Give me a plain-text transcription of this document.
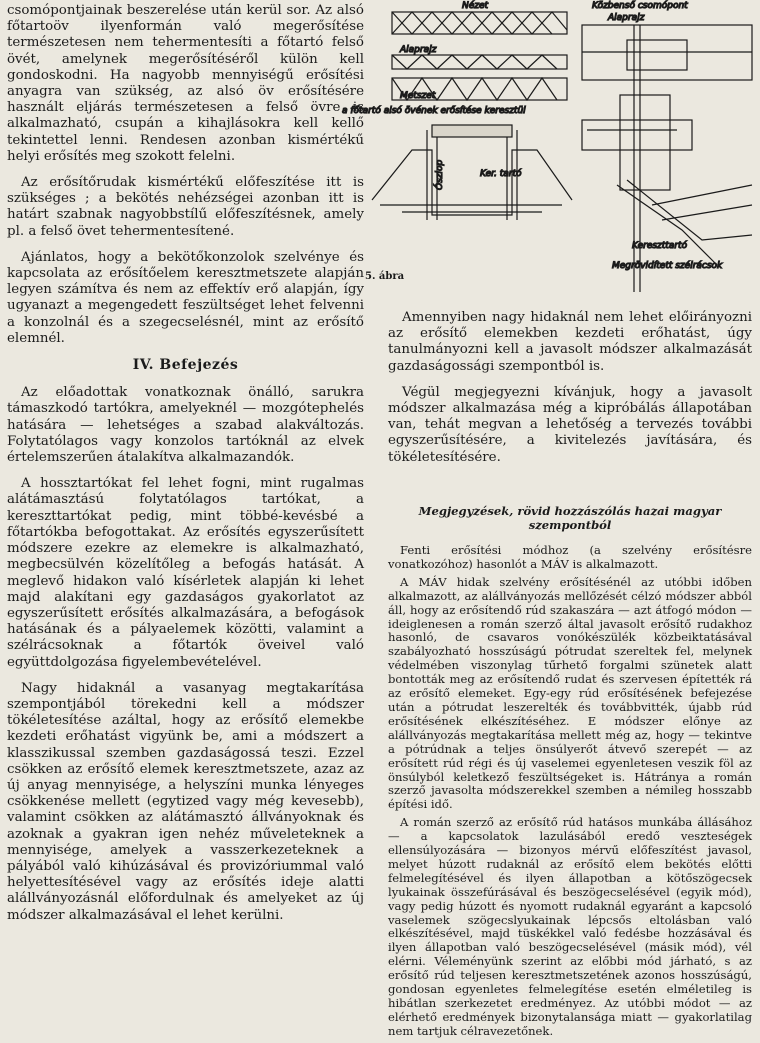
csomópontjainak beszerelése után kerül sor. Az alsó főtartoöv ilyenformán való megerősítése természetesen nem tehermentesíti a főtartó felső övét, amelynek megerősítéséről külön kell gondoskodni. Ha nagyobb mennyiségű erősítési anyagra van szükség, az alsó öv erősítésére használt eljárás természetesen a felső övre is alkalmazható, csupán a kihajlásokra kell kellő tekintettel lenni. Rendesen azonban kismértékű helyi erősítés meg szokott felelni.

Az erősítőrudak kismértékű előfeszítése itt is szükséges ; a bekötés nehézségei azonban itt is határt szabnak nagyobbstílű előfeszítésnek, amely pl. a felső övet tehermentesítené.

Ajánlatos, hogy a bekötőkonzolok szelvénye és kapcsolata az erősítőelem keresztmetszete alapján legyen számítva és nem az effektív erő alapján, így ugyanazt a megengedett feszültséget lehet felvenni a konzolnál és a szegecselésnél, mint az erősítő elemnél.

IV. Befejezés

Az előadottak vonatkoznak önálló, sarukra támaszkodó tartókra, amelyeknél — mozgótерhelés hatására — lehetséges a szabad alakváltozás. Folytatólagos vagy konzolos tartóknál az elvek értelemszerűen átalakítva alkalmazandók.

A hossztartókat fel lehet fogni, mint rugalmas alátámasztású folytatólagos tartókat, a kereszttartókat pedig, mint többé-kevésbé a főtartókba befogottakat. Az erősítés egyszerűsített módszere ezekre az elemekre is alkalmazható, megbecsülvén közelítőleg a befogás hatását. A meglevő hidakon való kísérletek alapján ki lehet majd alakítani egy gazdaságos gyakorlatot az egyszerűsített erősítés alkalmazására, a befogások hatásának és a pályaelemek közötti, valamint a szélrácsoknak a főtartók öveivel való együttdolgozása figyelembevételével.

Nagy hidaknál a vasanyag megtakarítása szempontjából törekedni kell a módszer tökéletesítése azáltal, hogy az erősítő elemekbe kezdeti erőhatást vigyünk be, ami a módszert a klasszikussal szemben gazdaságossá teszi. Ezzel csökken az erősítő elemek keresztmetszete, azaz az új anyag mennyisége, a helyszíni munka lényeges csökkenése mellett (egytized vagy még kevesebb), valamint csökken az alátámasztó állványoknak és azoknak a gyakran igen nehéz műveleteknek a mennyisége, amelyek a vasszerkezeteknek a pályából való kihúzásával és provizóriummal való helyettesítésével vagy az erősítés ideje alatti alállványozásnál előfordulnak és amelyeket az új módszer alkalmazásával el lehet kerülni.

Nézet
Alaprajz
Metszet
a főtartó alsó övének erősítése keresztül
Ószlop	Ker. tartó
Közbenső csomópont
Alaprajz
Kereszttartó
Megrövidített szélrácsok
5. ábra

Amennyiben nagy hidaknál nem lehet előirányozni az erősítő elemekben kezdeti erőhatást, úgy tanulmányozni kell a javasolt módszer alkalmazását gazdaságossági szempontból is.

Végül megjegyezni kívánjuk, hogy a javasolt módszer alkalmazása még a kipróbálás állapotában van, tehát megvan a lehetőség a tervezés további egyszerűsítésére, a kivitelezés javítására, és tökéletesítésére.

Megjegyzések, rövid hozzászólás hazai magyar szempontból

Fenti erősítési módhoz (a szelvény erősítésre vonatkozóhoz) hasonlót a MÁV is alkalmazott.

A MÁV hidak szelvény erősítésénél az utóbbi időben alkalmazott, az alállványozás mellőzését célzó módszer abból áll, hogy az erősítendő rúd szakaszára — azt átfogó módon — ideiglenesen a román szerző által javasolt erősítő rudakhoz hasonló, de csavaros vonókészülék közbeiktatásával szabályozható hosszúságú pótrudat szereltek fel, melynek védelmében viszonylag tűrhető forgalmi szünetek alatt bontották meg az erősítendő rudat és szervesen építették rá az erősítő elemeket. Egy-egy rúd erősítésének befejezése után a pótrudat leszerelték és továbbvitték, újabb rúd erősítésének elkészítéséhez. E módszer előnye az alállványozás megtakarítása mellett még az, hogy — tekintve a pótrúdnak a teljes önsúlyerőt átvevő szerepét — az erősített rúd régi és új vaselemei egyenletesen veszik föl az önsúlyból keletkező feszültségeket is. Hátránya a román szerző javasolta módszerekkel szemben a némileg hosszabb építési idő.

A román szerző az erősítő rúd hatásos munkába állásához — a kapcsolatok lazulásából eredő veszteségek ellensúlyozására — bizonyos mérvű előfeszítést javasol, melyet húzott rudaknál az erősítő elem bekötés előtti felmelegítésével és ilyen állapotban a kötőszögecsek lyukainak összefúrásával és beszögecselésével (egyik mód), vagy pedig húzott és nyomott rudaknál egyaránt a kapcsoló vaselemek szögecslyukainak lépcsős eltolásban való elkészítésével, majd tüskékkel való fedésbe hozzásával és ilyen állapotban való beszögecselésével (másik mód), vél elérni. Véleményünk szerint az előbbi mód járható, s az erősítő rúd teljesen keresztmetszetének azonos hosszúságú, gondosan egyenletes felmelegítése esetén elméletileg is hibátlan szerkezetet eredményez. Az utóbbi módot — az elérhető eredmények bizonytalansága miatt — gyakorlatilag nem tartjuk célravezetőnek.
